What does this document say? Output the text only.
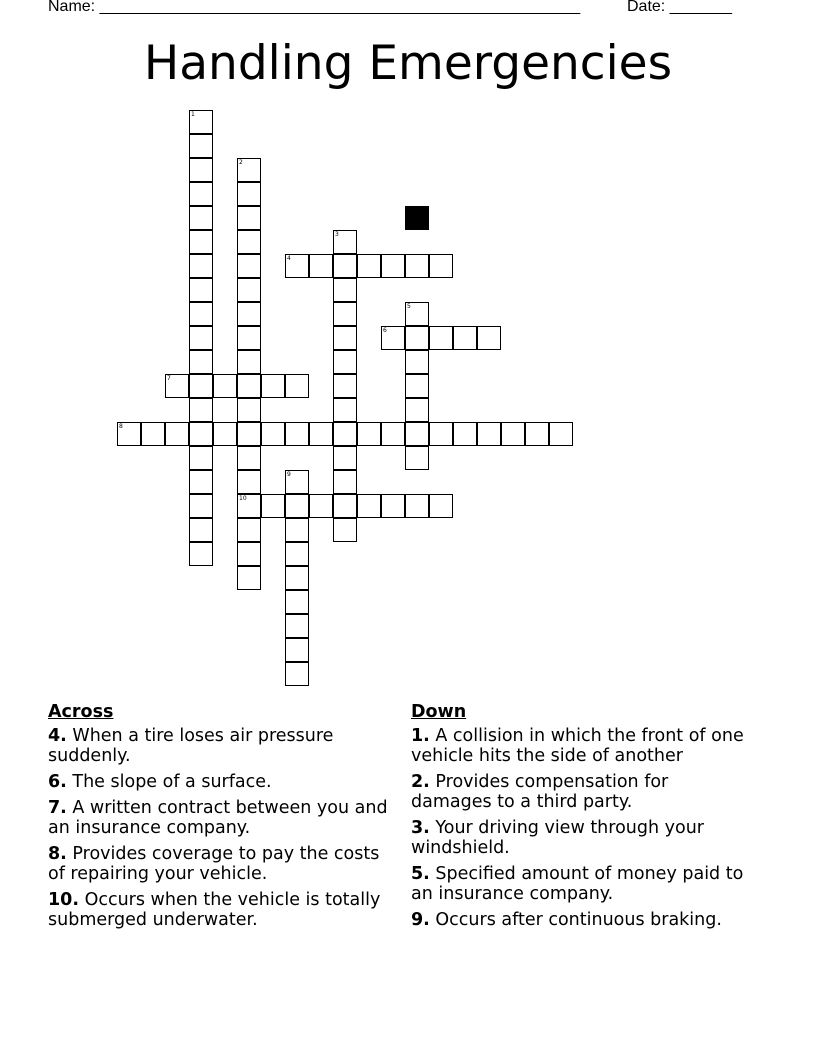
Name: ______________________________________________________	Date: _______
Handling Emergencies
1
2
10
3
4
5
6
7
8
9
Across
4. When a tire loses air pressure suddenly.
6. The slope of a surface.
7. A written contract between you and an insurance company.
8. Provides coverage to pay the costs of repairing your vehicle.
10. Occurs when the vehicle is totally submerged underwater.
Down
1. A collision in which the front of one vehicle hits the side of another
2. Provides compensation for damages to a third party.
3. Your driving view through your windshield.
5. Specified amount of money paid to an insurance company.
9. Occurs after continuous braking.
